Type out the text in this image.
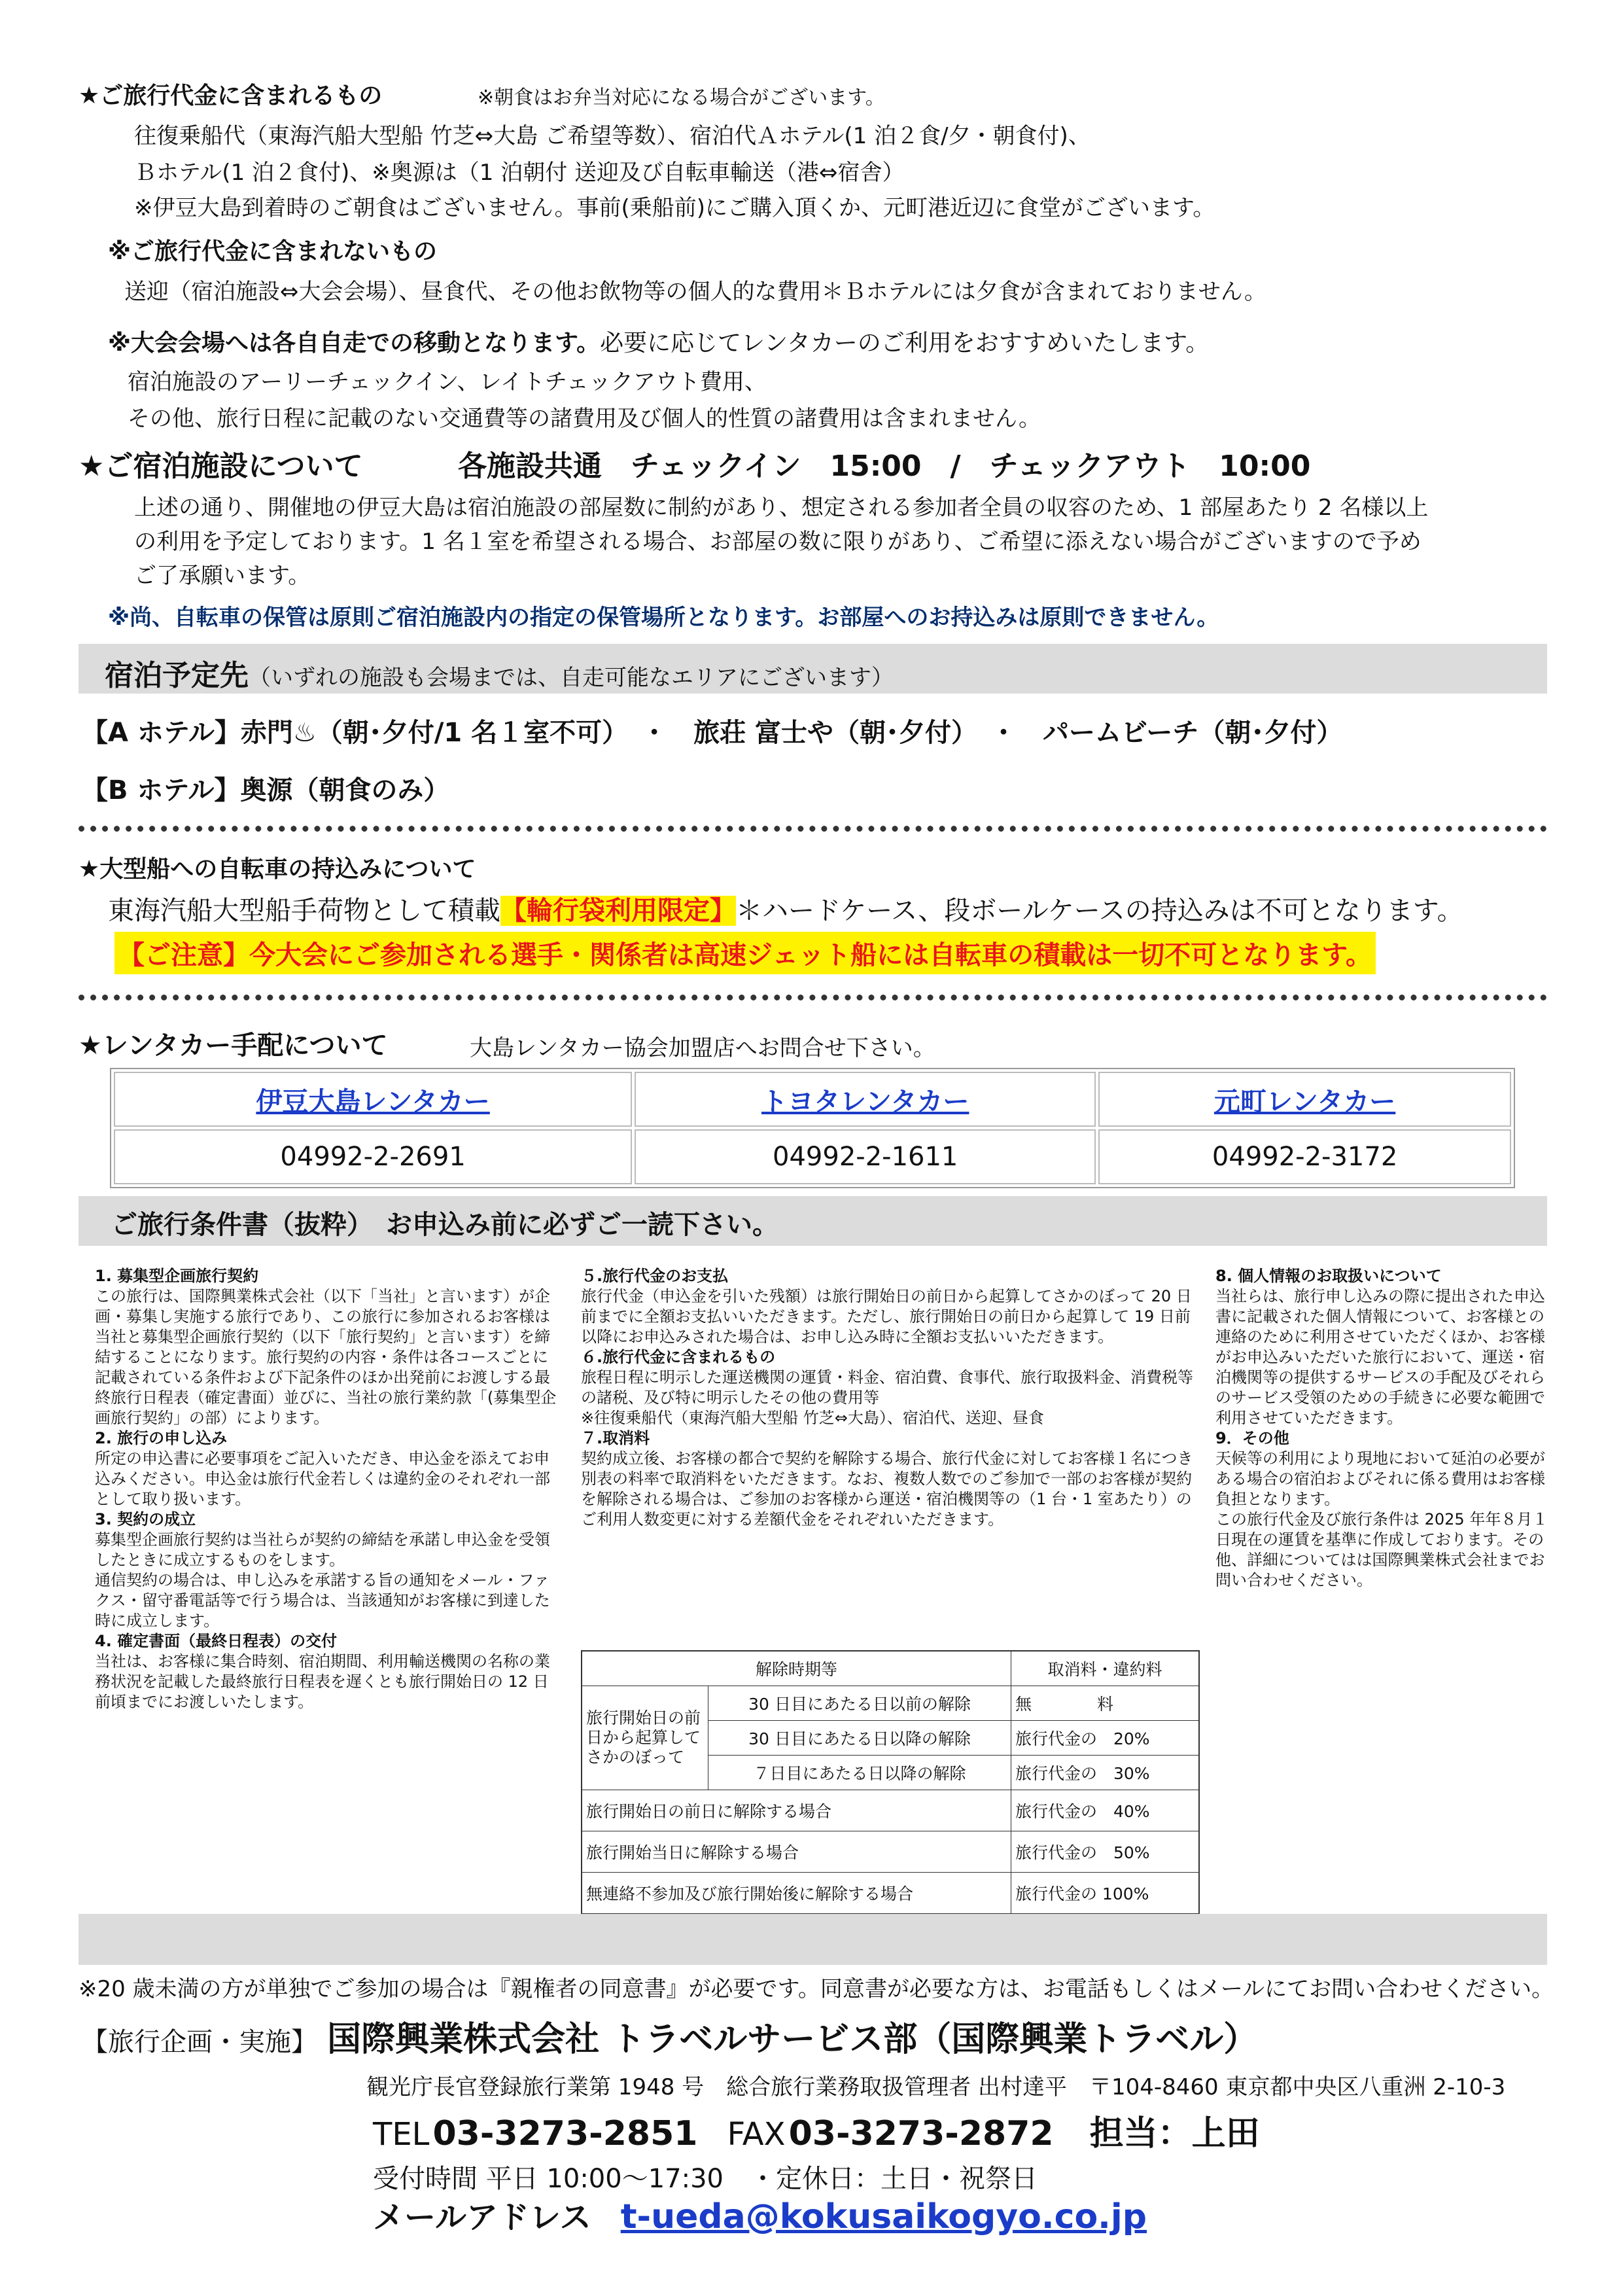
★ご旅行代金に含まれるもの	※朝食はお弁当対応になる場合がございます。
往復乗船代（東海汽船大型船 竹芝⇔大島 ご希望等数）、宿泊代Ａホテル(1 泊２食/夕・朝食付)、
Ｂホテル(1 泊２食付)、※奥源は（1 泊朝付 送迎及び自転車輸送（港⇔宿舎）
※伊豆大島到着時のご朝食はございません。事前(乗船前)にご購入頂くか、元町港近辺に食堂がございます。
※ご旅行代金に含まれないもの
送迎（宿泊施設⇔大会会場）、昼食代、その他お飲物等の個人的な費用＊Ｂホテルには夕食が含まれておりません。
※大会会場へは各自自走での移動となります。必要に応じてレンタカーのご利用をおすすめいたします。
宿泊施設のアーリーチェックイン、レイトチェックアウト費用、
その他、旅行日程に記載のない交通費等の諸費用及び個人的性質の諸費用は含まれません。
★ご宿泊施設について	各施設共通　チェックイン　15:00　/　チェックアウト　10:00
上述の通り、開催地の伊豆大島は宿泊施設の部屋数に制約があり、想定される参加者全員の収容のため、1 部屋あたり 2 名様以上
の利用を予定しております。1 名１室を希望される場合、お部屋の数に限りがあり、ご希望に添えない場合がございますので予め
ご了承願います。
※尚、自転車の保管は原則ご宿泊施設内の指定の保管場所となります。お部屋へのお持込みは原則できません。
宿泊予定先（いずれの施設も会場までは、自走可能なエリアにございます）
【A ホテル】赤門♨（朝･夕付/1 名１室不可）　・　旅荘 富士や（朝･夕付）　・　パームビーチ（朝･夕付）
【B ホテル】奥源（朝食のみ）
★大型船への自転車の持込みについて
東海汽船大型船手荷物として積載【輪行袋利用限定】＊ハードケース、段ボールケースの持込みは不可となります。
【ご注意】今大会にご参加される選手・関係者は高速ジェット船には自転車の積載は一切不可となります。
★レンタカー手配について	大島レンタカー協会加盟店へお問合せ下さい。
伊豆大島レンタカー	トヨタレンタカー	元町レンタカー
04992-2-2691	04992-2-1611	04992-2-3172
ご旅行条件書（抜粋）　お申込み前に必ずご一読下さい。

1. 募集型企画旅行契約

この旅行は、国際興業株式会社（以下「当社」と言います）が企画・募集し実施する旅行であり、この旅行に参加されるお客様は当社と募集型企画旅行契約（以下「旅行契約」と言います）を締結することになります。旅行契約の内容・条件は各コースごとに記載されている条件および下記条件のほか出発前にお渡しする最終旅行日程表（確定書面）並びに、当社の旅行業約款「(募集型企画旅行契約」の部）によります。

2. 旅行の申し込み

所定の申込書に必要事項をご記入いただき、申込金を添えてお申込みください。申込金は旅行代金若しくは違約金のそれぞれ一部として取り扱います。

3. 契約の成立

募集型企画旅行契約は当社らが契約の締結を承諾し申込金を受領したときに成立するものをします。

通信契約の場合は、申し込みを承諾する旨の通知をメール・ファクス・留守番電話等で行う場合は、当該通知がお客様に到達した時に成立します。

4. 確定書面（最終日程表）の交付

当社は、お客様に集合時刻、宿泊期間、利用輸送機関の名称の業務状況を記載した最終旅行日程表を遅くとも旅行開始日の 12 日前頃までにお渡しいたします。

５.旅行代金のお支払

旅行代金（申込金を引いた残額）は旅行開始日の前日から起算してさかのぼって 20 日前までに全額お支払いいただきます。ただし、旅行開始日の前日から起算して 19 日前以降にお申込みされた場合は、お申し込み時に全額お支払いいただきます。

６.旅行代金に含まれるもの

旅程日程に明示した運送機関の運賃・料金、宿泊費、食事代、旅行取扱料金、消費税等の諸税、及び特に明示したその他の費用等

※往復乗船代（東海汽船大型船 竹芝⇔大島）、宿泊代、送迎、昼食

７.取消料

契約成立後、お客様の都合で契約を解除する場合、旅行代金に対してお客様１名につき別表の料率で取消料をいただきます。なお、複数人数でのご参加で一部のお客様が契約を解除される場合は、ご参加のお客様から運送・宿泊機関等の（1 台・1 室あたり）のご利用人数変更に対する差額代金をそれぞれいただきます。

解除時期等		取消料・違約料
旅行開始日の前日から起算してさかのぼって	30 日目にあたる日以前の解除	無　　　　料
	30 日目にあたる日以降の解除	旅行代金の　20%
	７日目にあたる日以降の解除	旅行代金の　30%
旅行開始日の前日に解除する場合		旅行代金の　40%
旅行開始当日に解除する場合		旅行代金の　50%
無連絡不参加及び旅行開始後に解除する場合		旅行代金の 100%

8. 個人情報のお取扱いについて

当社らは、旅行申し込みの際に提出された申込書に記載された個人情報について、お客様との連絡のために利用させていただくほか、お客様がお申込みいただいた旅行において、運送・宿泊機関等の提供するサービスの手配及びそれらのサービス受領のための手続きに必要な範囲で利用させていただきます。

9．その他

天候等の利用により現地において延泊の必要がある場合の宿泊およびそれに係る費用はお客様負担となります。

この旅行代金及び旅行条件は 2025 年年８月１日現在の運賃を基準に作成しております。その他、詳細についてはは国際興業株式会社までお問い合わせください。

※20 歳未満の方が単独でご参加の場合は『親権者の同意書』が必要です。同意書が必要な方は、お電話もしくはメールにてお問い合わせください。
【旅行企画・実施】 国際興業株式会社 トラベルサービス部（国際興業トラベル）
観光庁長官登録旅行業第 1948 号　総合旅行業務取扱管理者 出村達平　〒104-8460 東京都中央区八重洲 2-10-3
TEL 03-3273-2851 FAX 03-3273-2872 担当：上田
受付時間 平日 10:00～17:30　・定休日：土日・祝祭日
メールアドレス t-ueda@kokusaikogyo.co.jp
